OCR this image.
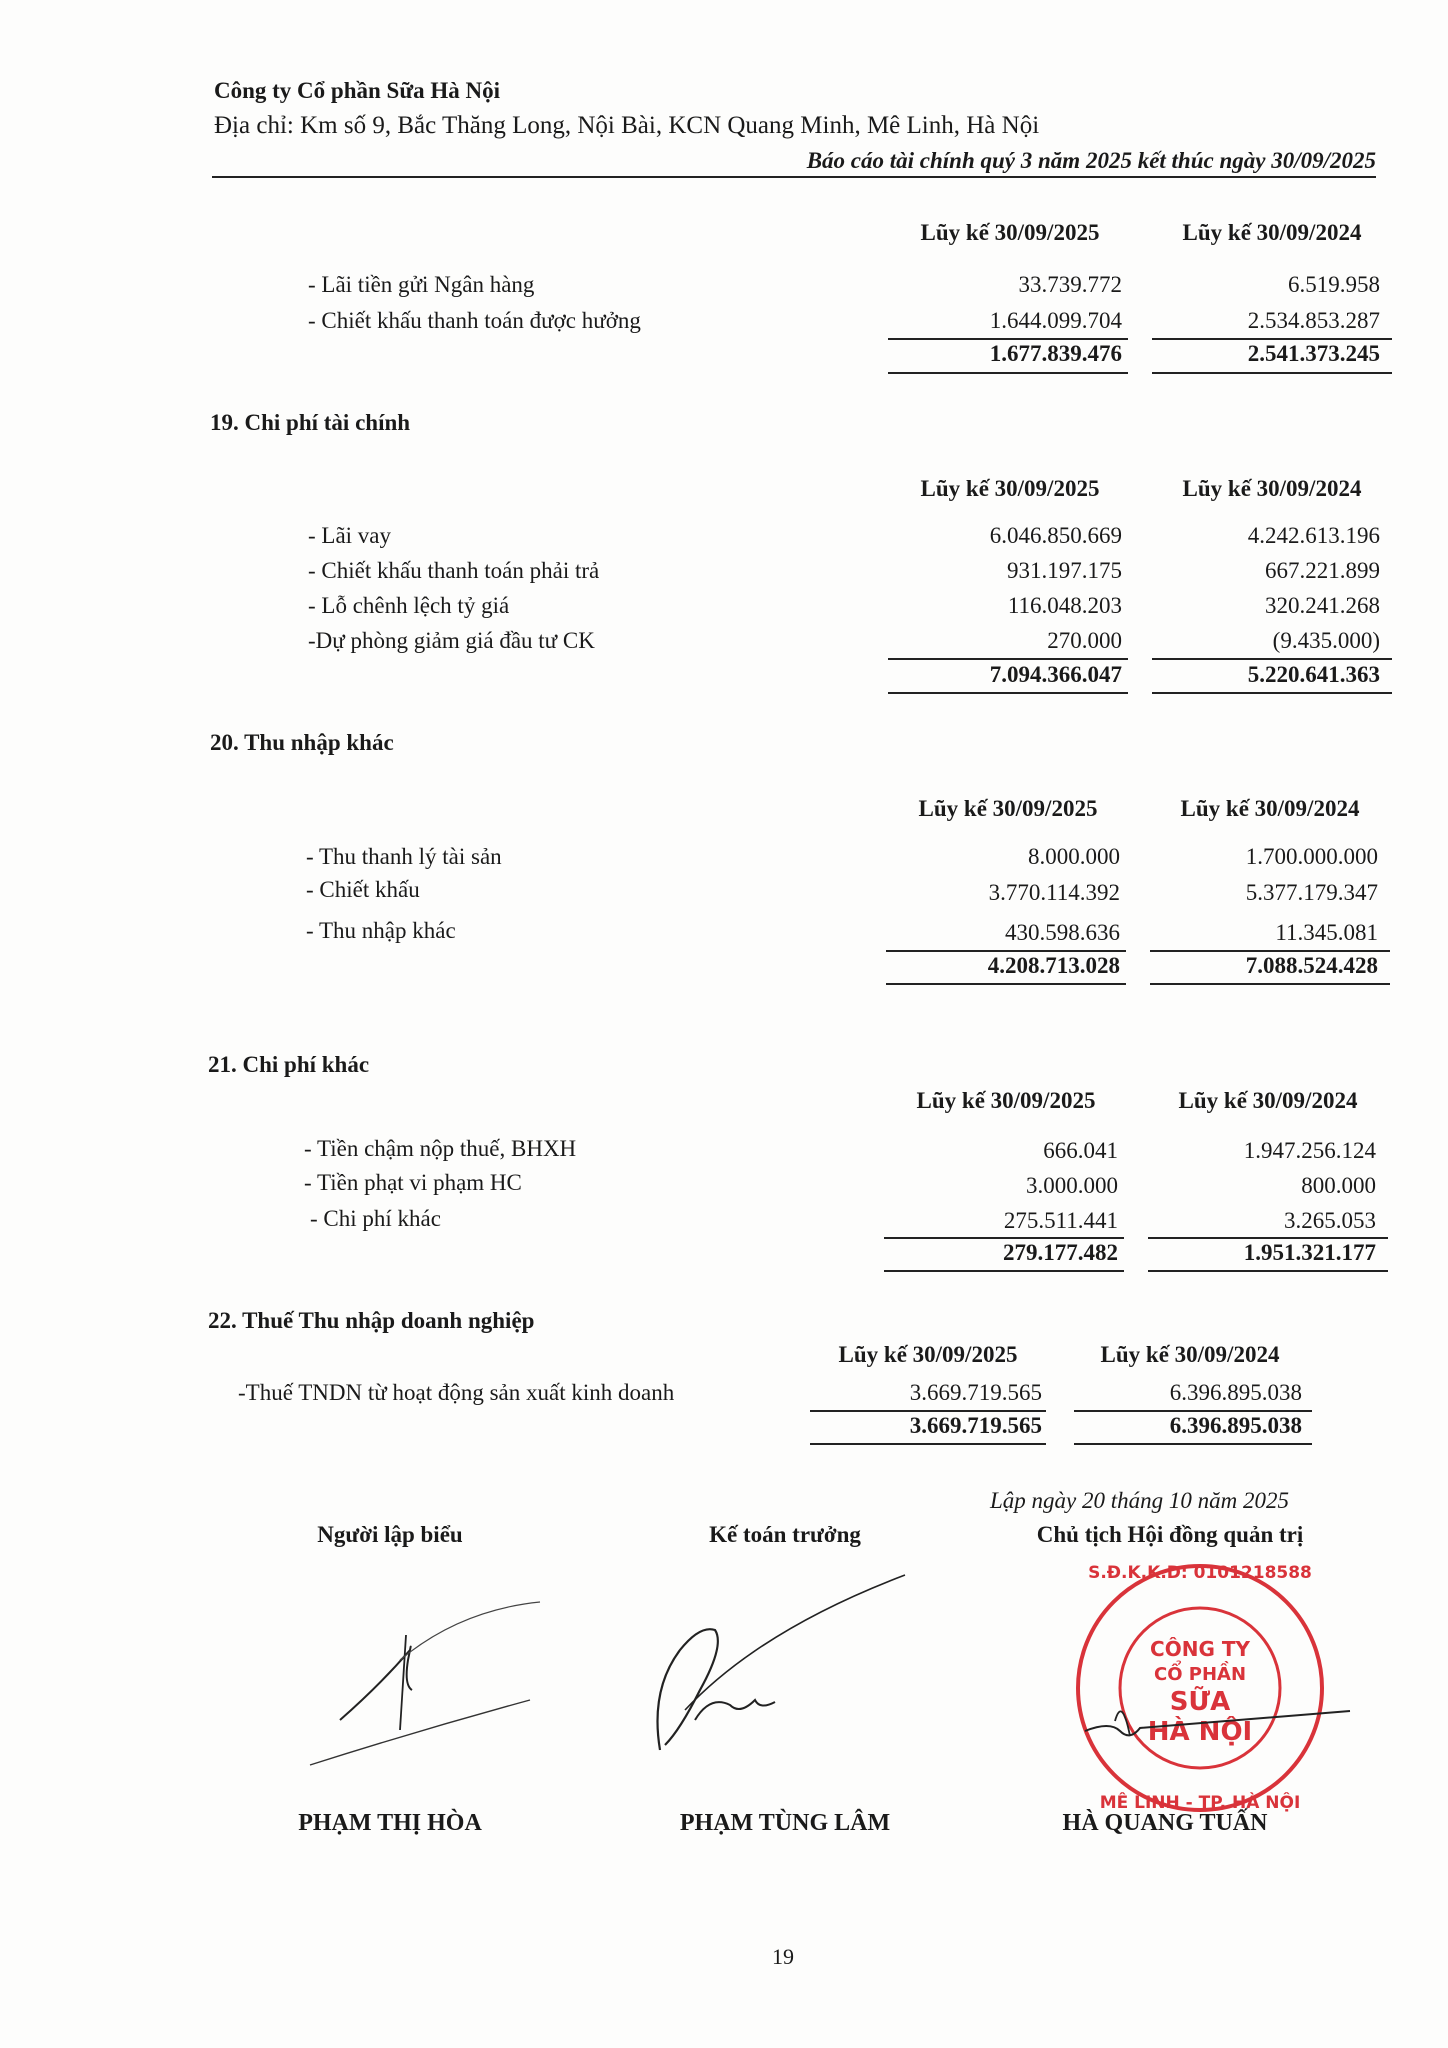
Công ty Cổ phần Sữa Hà Nội
Địa chỉ: Km số 9, Bắc Thăng Long, Nội Bài, KCN Quang Minh, Mê Linh, Hà Nội
Báo cáo tài chính quý 3 năm 2025 kết thúc ngày 30/09/2025
Lũy kế 30/09/2025	Lũy kế 30/09/2024
- Lãi tiền gửi Ngân hàng	33.739.772	6.519.958
- Chiết khấu thanh toán được hưởng	1.644.099.704	2.534.853.287
1.677.839.476	2.541.373.245
19. Chi phí tài chính
Lũy kế 30/09/2025	Lũy kế 30/09/2024
- Lãi vay	6.046.850.669	4.242.613.196
- Chiết khấu thanh toán phải trả	931.197.175	667.221.899
- Lỗ chênh lệch tỷ giá	116.048.203	320.241.268
-Dự phòng giảm giá đầu tư CK	270.000	(9.435.000)
7.094.366.047	5.220.641.363
20. Thu nhập khác
Lũy kế 30/09/2025	Lũy kế 30/09/2024
- Thu thanh lý tài sản	8.000.000	1.700.000.000
- Chiết khấu	3.770.114.392	5.377.179.347
- Thu nhập khác	430.598.636	11.345.081
4.208.713.028	7.088.524.428
21. Chi phí khác
Lũy kế 30/09/2025	Lũy kế 30/09/2024
- Tiền chậm nộp thuế, BHXH	666.041	1.947.256.124
- Tiền phạt vi phạm HC	3.000.000	800.000
- Chi phí khác	275.511.441	3.265.053
279.177.482	1.951.321.177
22. Thuế Thu nhập doanh nghiệp
Lũy kế 30/09/2025	Lũy kế 30/09/2024
-Thuế TNDN từ hoạt động sản xuất kinh doanh	3.669.719.565	6.396.895.038
3.669.719.565	6.396.895.038
Lập ngày 20 tháng 10 năm 2025
Người lập biểu	Kế toán trưởng	Chủ tịch Hội đồng quản trị
S.Đ.K.K.D: 0101218588
MÊ LINH - TP. HÀ NỘI
CÔNG TY
CỔ PHẦN
SỮA
HÀ NỘI
PHẠM THỊ HÒA	PHẠM TÙNG LÂM	HÀ QUANG TUẤN
19
